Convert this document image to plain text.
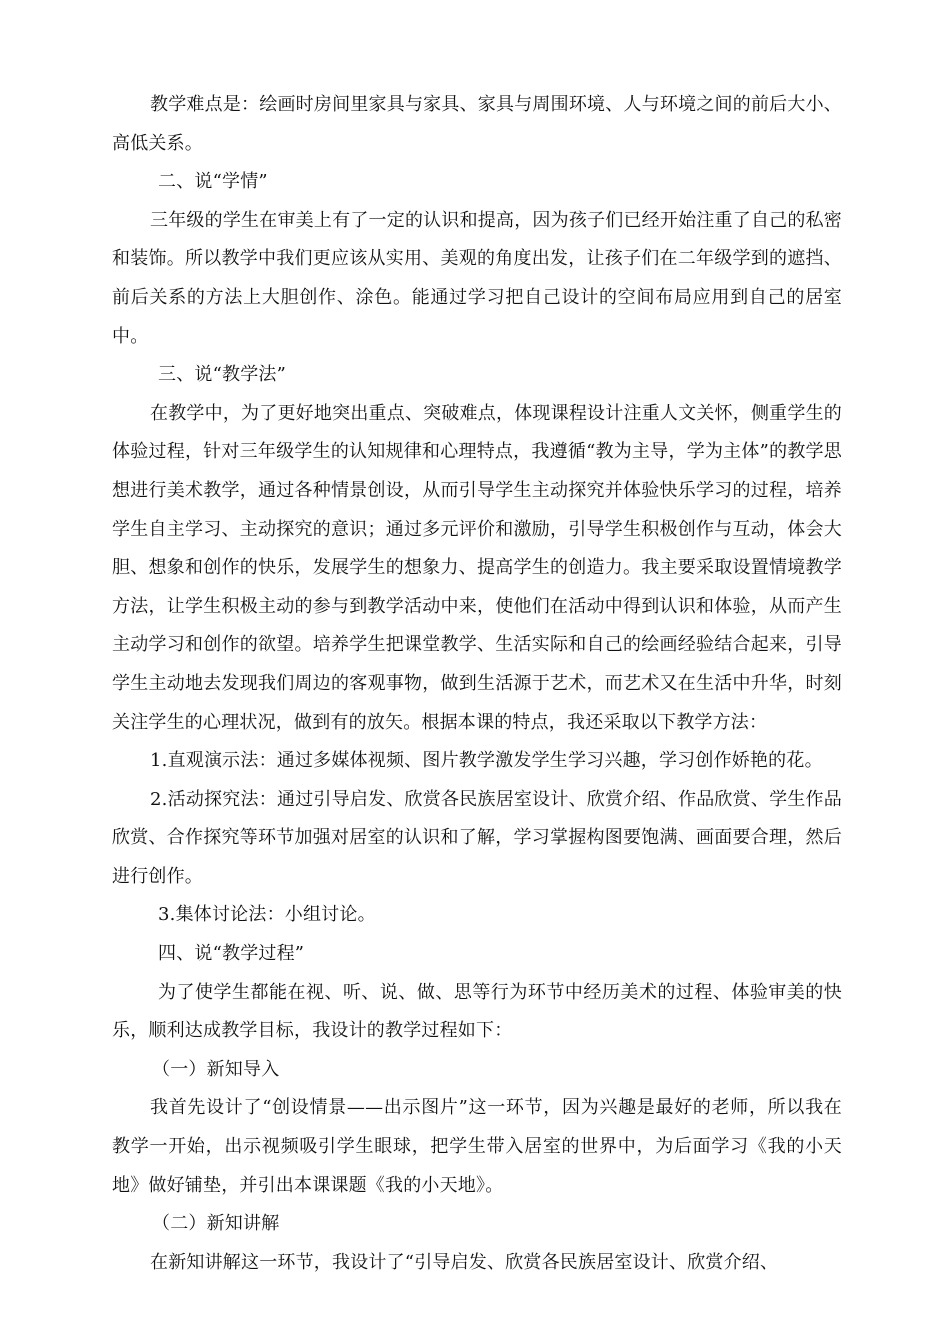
教学难点是：绘画时房间里家具与家具、家具与周围环境、人与环境之间的前后大小、高低关系。

二、说“学情”

三年级的学生在审美上有了一定的认识和提高，因为孩子们已经开始注重了自己的私密和装饰。所以教学中我们更应该从实用、美观的角度出发，让孩子们在二年级学到的遮挡、前后关系的方法上大胆创作、涂色。能通过学习把自己设计的空间布局应用到自己的居室中。

三、说“教学法”

在教学中，为了更好地突出重点、突破难点，体现课程设计注重人文关怀，侧重学生的体验过程，针对三年级学生的认知规律和心理特点，我遵循“教为主导，学为主体”的教学思想进行美术教学，通过各种情景创设，从而引导学生主动探究并体验快乐学习的过程，培养学生自主学习、主动探究的意识；通过多元评价和激励，引导学生积极创作与互动，体会大胆、想象和创作的快乐，发展学生的想象力、提高学生的创造力。我主要采取设置情境教学方法，让学生积极主动的参与到教学活动中来，使他们在活动中得到认识和体验，从而产生主动学习和创作的欲望。培养学生把课堂教学、生活实际和自己的绘画经验结合起来，引导学生主动地去发现我们周边的客观事物，做到生活源于艺术，而艺术又在生活中升华，时刻关注学生的心理状况，做到有的放矢。根据本课的特点，我还采取以下教学方法：

1.直观演示法：通过多媒体视频、图片教学激发学生学习兴趣，学习创作娇艳的花。

2.活动探究法：通过引导启发、欣赏各民族居室设计、欣赏介绍、作品欣赏、学生作品欣赏、合作探究等环节加强对居室的认识和了解，学习掌握构图要饱满、画面要合理，然后进行创作。

3.集体讨论法：小组讨论。

四、说“教学过程”

为了使学生都能在视、听、说、做、思等行为环节中经历美术的过程、体验审美的快乐，顺利达成教学目标，我设计的教学过程如下：

（一）新知导入

我首先设计了“创设情景——出示图片”这一环节，因为兴趣是最好的老师，所以我在教学一开始，出示视频吸引学生眼球，把学生带入居室的世界中，为后面学习《我的小天地》做好铺垫，并引出本课课题《我的小天地》。

（二）新知讲解

在新知讲解这一环节，我设计了“引导启发、欣赏各民族居室设计、欣赏介绍、
